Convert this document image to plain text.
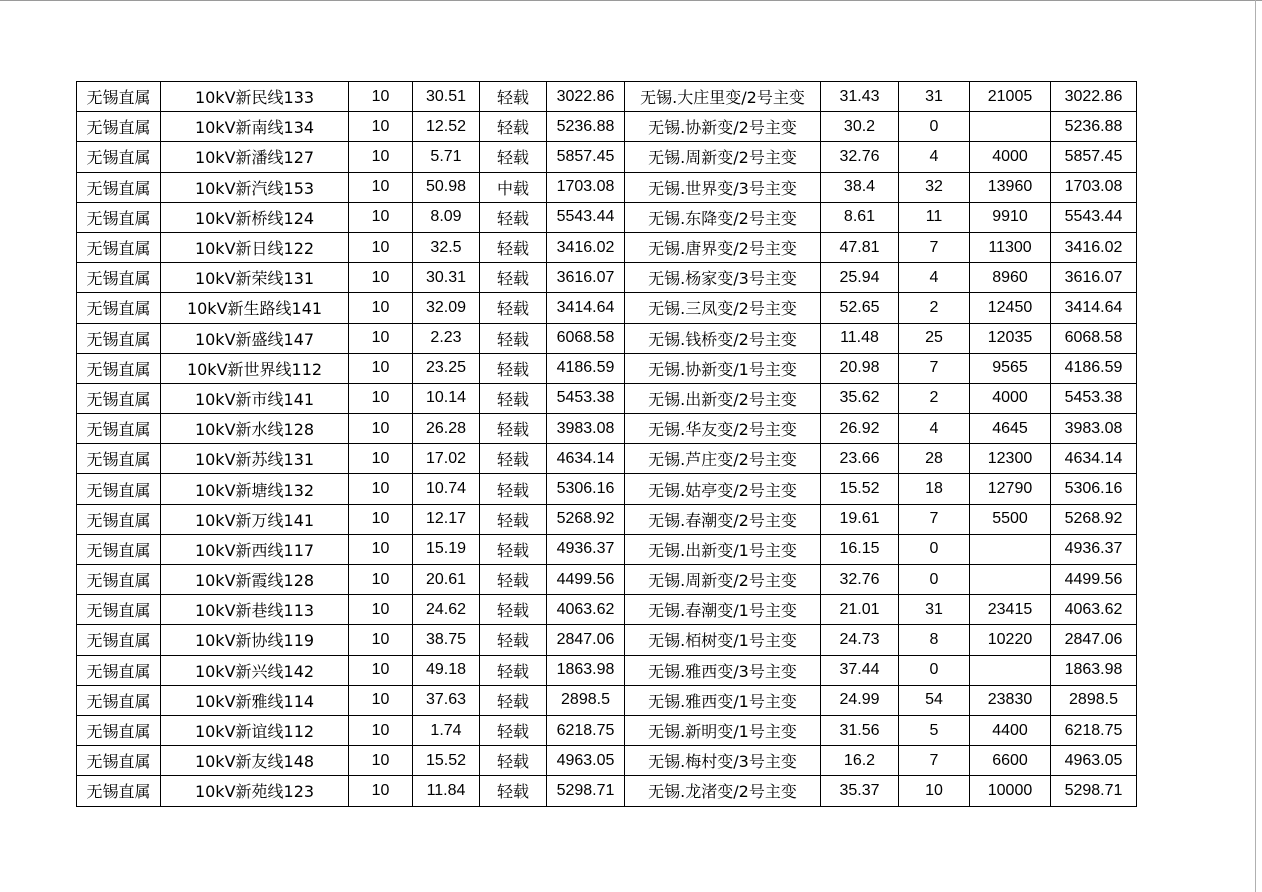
无锡直属	10kV新民线133	10	30.51	轻载	3022.86	无锡.大庄里变/2号主变	31.43	31	21005	3022.86
无锡直属	10kV新南线134	10	12.52	轻载	5236.88	无锡.协新变/2号主变	30.2	0		5236.88
无锡直属	10kV新潘线127	10	5.71	轻载	5857.45	无锡.周新变/2号主变	32.76	4	4000	5857.45
无锡直属	10kV新汽线153	10	50.98	中载	1703.08	无锡.世界变/3号主变	38.4	32	13960	1703.08
无锡直属	10kV新桥线124	10	8.09	轻载	5543.44	无锡.东降变/2号主变	8.61	11	9910	5543.44
无锡直属	10kV新日线122	10	32.5	轻载	3416.02	无锡.唐界变/2号主变	47.81	7	11300	3416.02
无锡直属	10kV新荣线131	10	30.31	轻载	3616.07	无锡.杨家变/3号主变	25.94	4	8960	3616.07
无锡直属	10kV新生路线141	10	32.09	轻载	3414.64	无锡.三凤变/2号主变	52.65	2	12450	3414.64
无锡直属	10kV新盛线147	10	2.23	轻载	6068.58	无锡.钱桥变/2号主变	11.48	25	12035	6068.58
无锡直属	10kV新世界线112	10	23.25	轻载	4186.59	无锡.协新变/1号主变	20.98	7	9565	4186.59
无锡直属	10kV新市线141	10	10.14	轻载	5453.38	无锡.出新变/2号主变	35.62	2	4000	5453.38
无锡直属	10kV新水线128	10	26.28	轻载	3983.08	无锡.华友变/2号主变	26.92	4	4645	3983.08
无锡直属	10kV新苏线131	10	17.02	轻载	4634.14	无锡.芦庄变/2号主变	23.66	28	12300	4634.14
无锡直属	10kV新塘线132	10	10.74	轻载	5306.16	无锡.姑亭变/2号主变	15.52	18	12790	5306.16
无锡直属	10kV新万线141	10	12.17	轻载	5268.92	无锡.春潮变/2号主变	19.61	7	5500	5268.92
无锡直属	10kV新西线117	10	15.19	轻载	4936.37	无锡.出新变/1号主变	16.15	0		4936.37
无锡直属	10kV新霞线128	10	20.61	轻载	4499.56	无锡.周新变/2号主变	32.76	0		4499.56
无锡直属	10kV新巷线113	10	24.62	轻载	4063.62	无锡.春潮变/1号主变	21.01	31	23415	4063.62
无锡直属	10kV新协线119	10	38.75	轻载	2847.06	无锡.栢树变/1号主变	24.73	8	10220	2847.06
无锡直属	10kV新兴线142	10	49.18	轻载	1863.98	无锡.雅西变/3号主变	37.44	0		1863.98
无锡直属	10kV新雅线114	10	37.63	轻载	2898.5	无锡.雅西变/1号主变	24.99	54	23830	2898.5
无锡直属	10kV新谊线112	10	1.74	轻载	6218.75	无锡.新明变/1号主变	31.56	5	4400	6218.75
无锡直属	10kV新友线148	10	15.52	轻载	4963.05	无锡.梅村变/3号主变	16.2	7	6600	4963.05
无锡直属	10kV新苑线123	10	11.84	轻载	5298.71	无锡.龙渚变/2号主变	35.37	10	10000	5298.71
